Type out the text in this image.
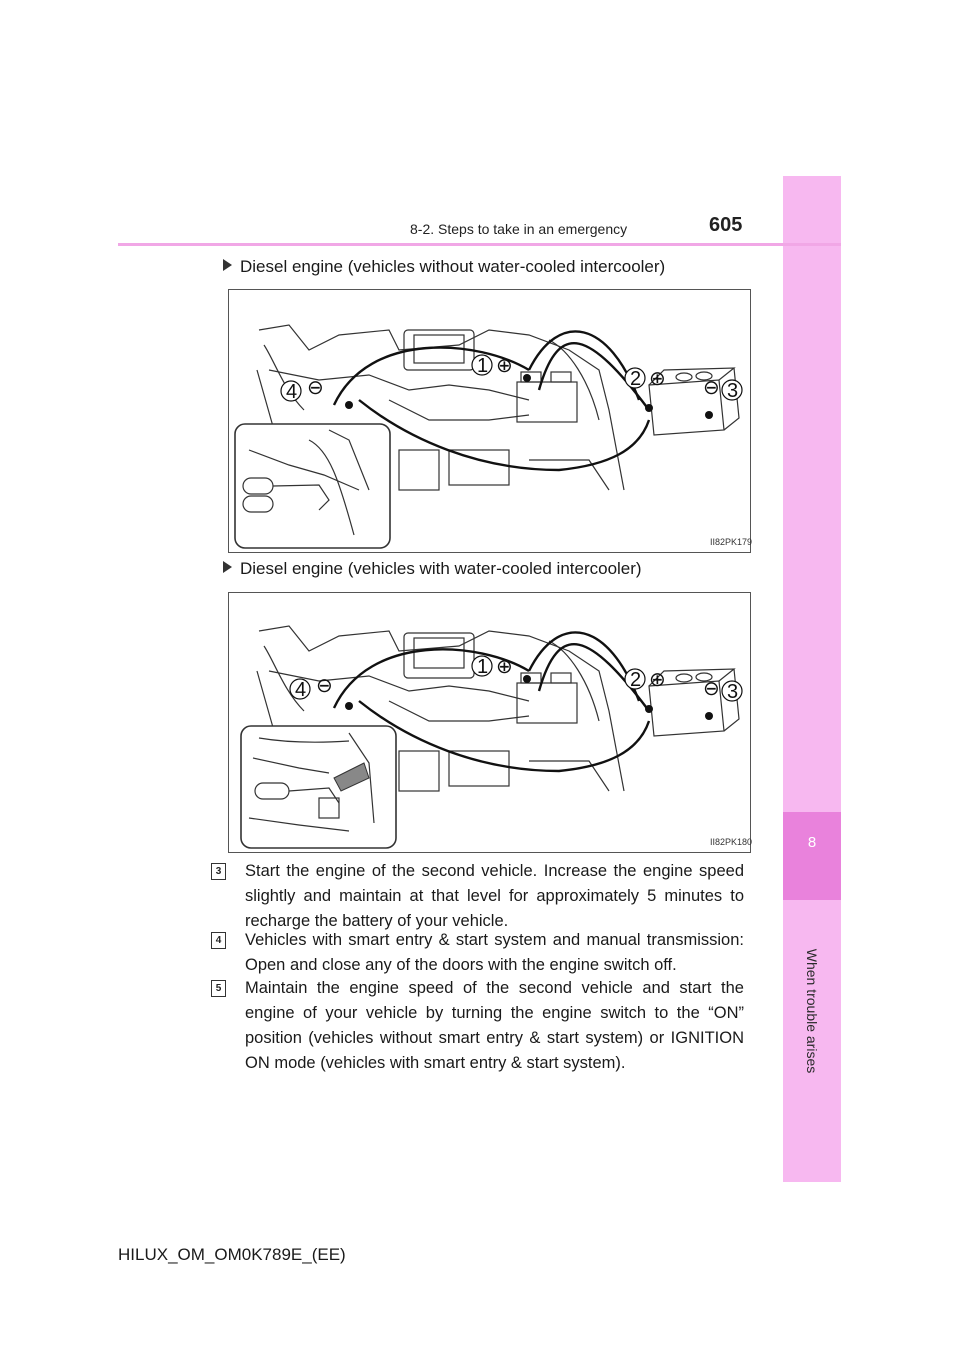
8
When trouble arises
8-2. Steps to take in an emergency	605
Diesel engine (vehicles without water-cooled intercooler)
1 ⊕
2 ⊕
3
⊖
4 ⊖
II82PK179
Diesel engine (vehicles with water-cooled intercooler)
1 ⊕
2 ⊕
3
⊖
4 ⊖
II82PK180
3 Start the engine of the second vehicle. Increase the engine speed slightly and maintain at that level for approximately 5 minutes to recharge the battery of your vehicle.
4 Vehicles with smart entry & start system and manual transmission: Open and close any of the doors with the engine switch off.
5 Maintain the engine speed of the second vehicle and start the engine of your vehicle by turning the engine switch to the “ON” position (vehicles without smart entry & start system) or IGNITION ON mode (vehicles with smart entry & start system).
HILUX_OM_OM0K789E_(EE)
